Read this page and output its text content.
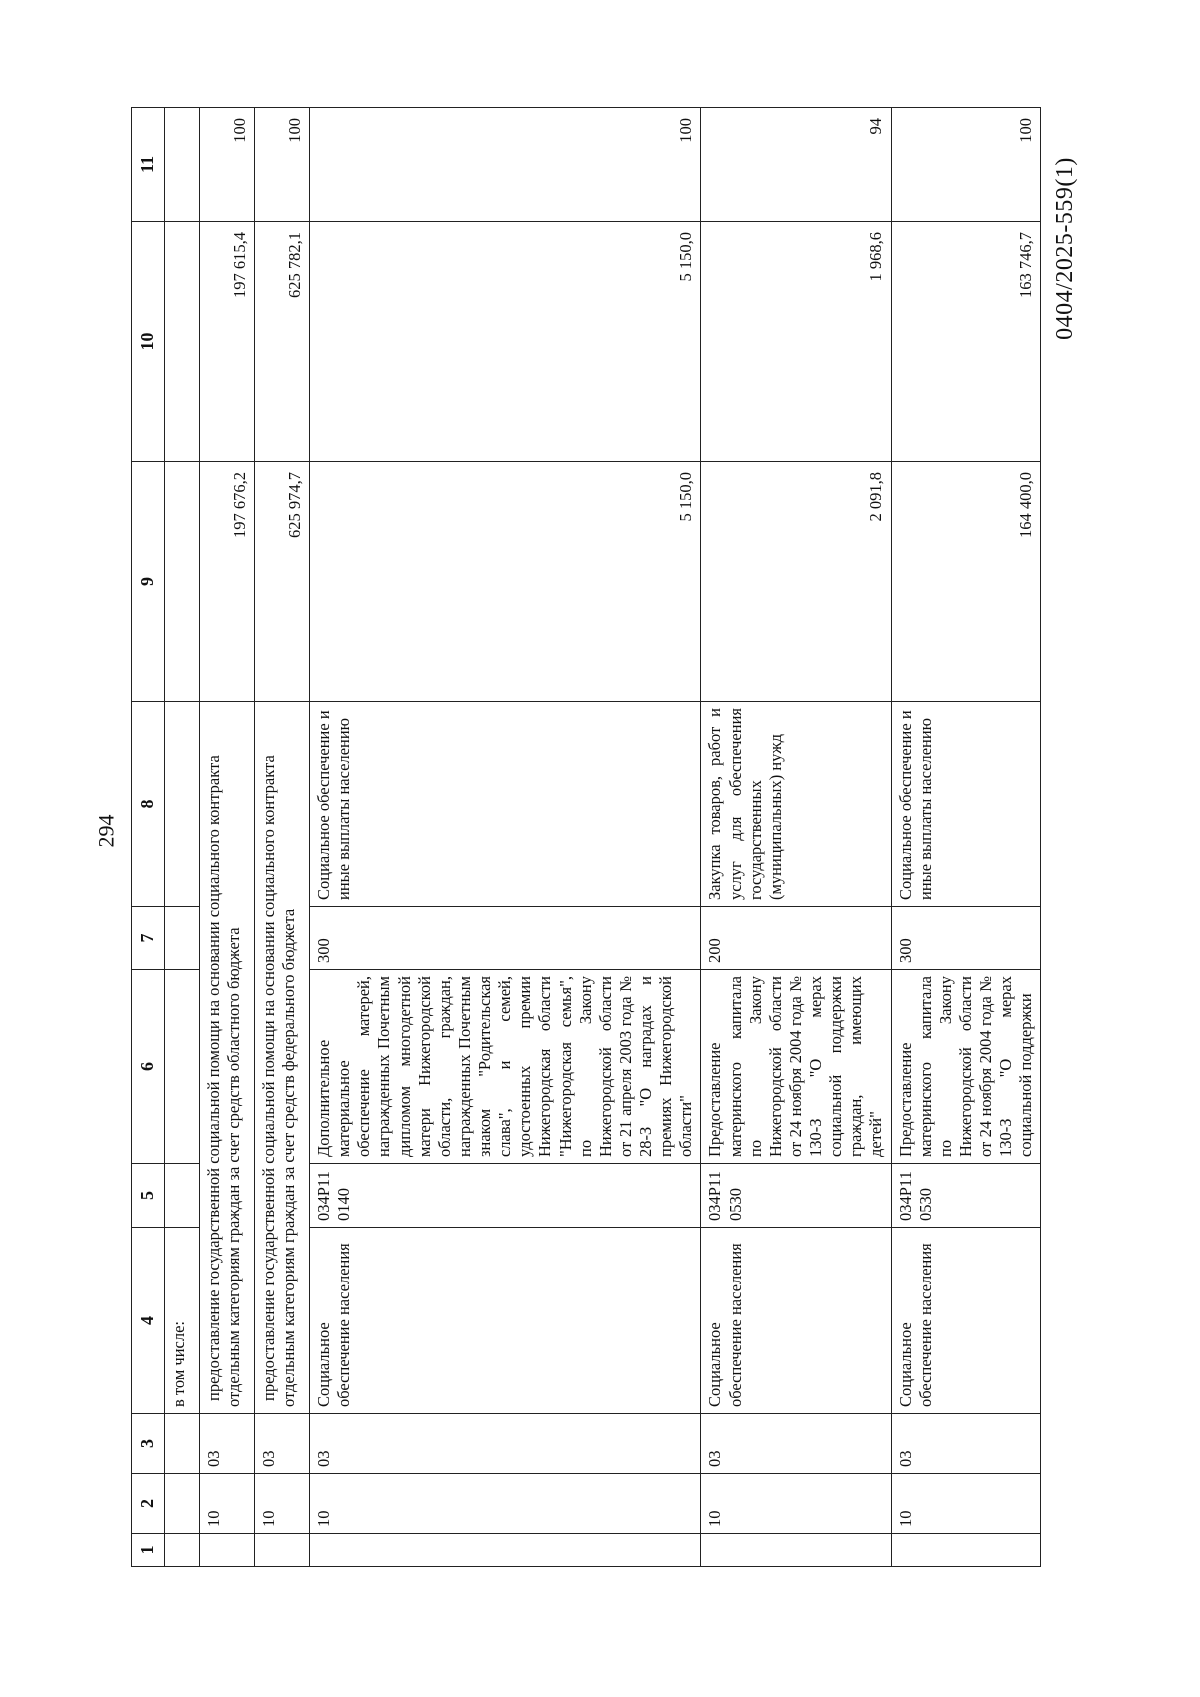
294
0404/2025-559(1)
1	2	3	4	5	6	7	8	9	10	11
			в том числе:							
	10	03	предоставление государственной социальной помощи на основании социального контракта отдельным категориям граждан за счет средств областного бюджета					197 676,2	197 615,4	100
	10	03	предоставление государственной социальной помощи на основании социального контракта отдельным категориям граждан за счет средств федерального бюджета					625 974,7	625 782,1	100
	10	03	Социальное обеспечение населения	034P11 0140	Дополнительное материальное обеспечение матерей, награжденных Почетным дипломом многодетной матери Нижегородской области, граждан, награжденных Почетным знаком "Родительская слава", и семей, удостоенных премии Нижегородская области "Нижегородская семья", по Закону Нижегородской области от 21 апреля 2003 года № 28-З "О наградах и премиях Нижегородской области"	300	Социальное обеспечение и иные выплаты населению	5 150,0	5 150,0	100
	10	03	Социальное обеспечение населения	034P11 0530	Предоставление материнского капитала по Закону Нижегородской области от 24 ноября 2004 года № 130-З "О мерах социальной поддержки граждан, имеющих детей"	200	Закупка товаров, работ и услуг для обеспечения государственных (муниципальных) нужд	2 091,8	1 968,6	94
	10	03	Социальное обеспечение населения	034P11 0530	Предоставление материнского капитала по Закону Нижегородской области от 24 ноября 2004 года № 130-З "О мерах социальной поддержки	300	Социальное обеспечение и иные выплаты населению	164 400,0	163 746,7	100
